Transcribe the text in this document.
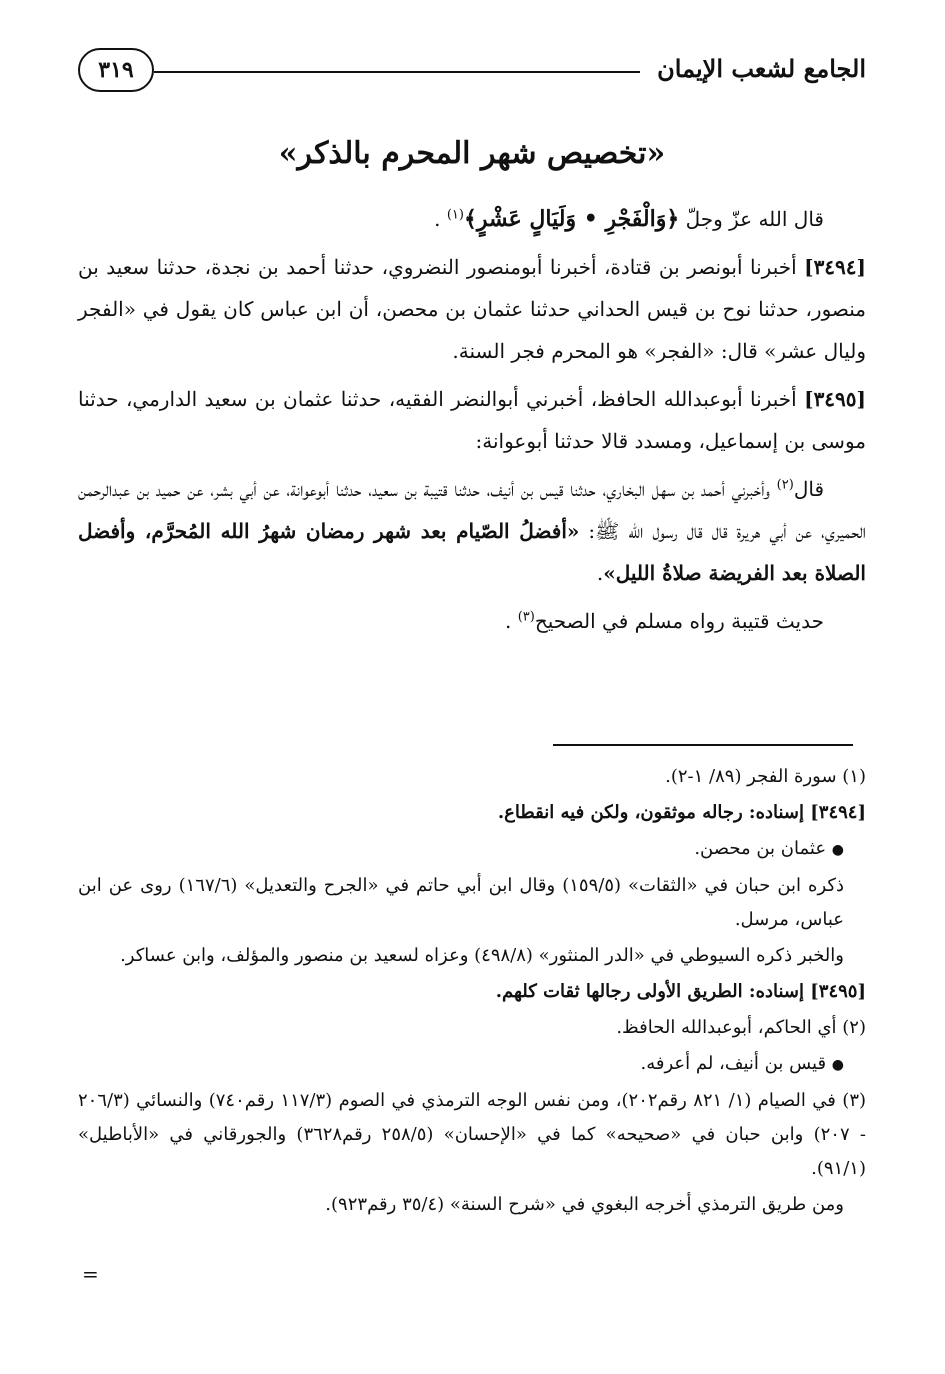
الجامع لشعب الإيمان
٣١٩
«تخصيص شهر المحرم بالذكر»

قال الله عزّ وجلّ ﴿وَالْفَجْرِ • وَلَيَالٍ عَشْرٍ﴾$^{(١)}$ .

[٣٤٩٤] أخبرنا أبونصر بن قتادة، أخبرنا أبومنصور النضروي، حدثنا أحمد بن نجدة، حدثنا سعيد بن منصور، حدثنا نوح بن قيس الحداني حدثنا عثمان بن محصن، أن ابن عباس كان يقول في «الفجر وليال عشر» قال: «الفجر» هو المحرم فجر السنة.

[٣٤٩٥] أخبرنا أبوعبدالله الحافظ، أخبرني أبوالنضر الفقيه، حدثنا عثمان بن سعيد الدارمي، حدثنا موسى بن إسماعيل، ومسدد قالا حدثنا أبوعوانة:

قال$^{(٢)}$ وأخبرني أحمد بن سهل البخاري، حدثنا قيس بن أنيف، حدثنا قتيبة بن سعيد، حدثنا أبوعوانة، عن أبي بشر، عن حميد بن عبدالرحمن الحميري، عن أبي هريرة قال قال رسول الله ﷺ: «أفضلُ الصّيام بعد شهر رمضان شهرُ الله المُحرَّم، وأفضل الصلاة بعد الفريضة صلاةُ الليل».

حديث قتيبة رواه مسلم في الصحيح$^{(٣)}$ .

(١) سورة الفجر (٨٩/ ١-٢).

[٣٤٩٤] إسناده: رجاله موثقون، ولكن فيه انقطاع.

● عثمان بن محصن.

ذكره ابن حبان في «الثقات» (١٥٩/٥) وقال ابن أبي حاتم في «الجرح والتعديل» (١٦٧/٦) روى عن ابن عباس، مرسل.

والخبر ذكره السيوطي في «الدر المنثور» (٤٩٨/٨) وعزاه لسعيد بن منصور والمؤلف، وابن عساكر.

[٣٤٩٥] إسناده: الطريق الأولى رجالها ثقات كلهم.

(٢) أي الحاكم، أبوعبدالله الحافظ.

● قيس بن أنيف، لم أعرفه.

(٣) في الصيام (١/ ٨٢١ رقم٢٠٢)، ومن نفس الوجه الترمذي في الصوم (١١٧/٣ رقم٧٤٠) والنسائي (٢٠٦/٣ - ٢٠٧) وابن حبان في «صحيحه» كما في «الإحسان» (٢٥٨/٥ رقم٣٦٢٨) والجورقاني في «الأباطيل» (٩١/١).

ومن طريق الترمذي أخرجه البغوي في «شرح السنة» (٣٥/٤ رقم٩٢٣).

=
